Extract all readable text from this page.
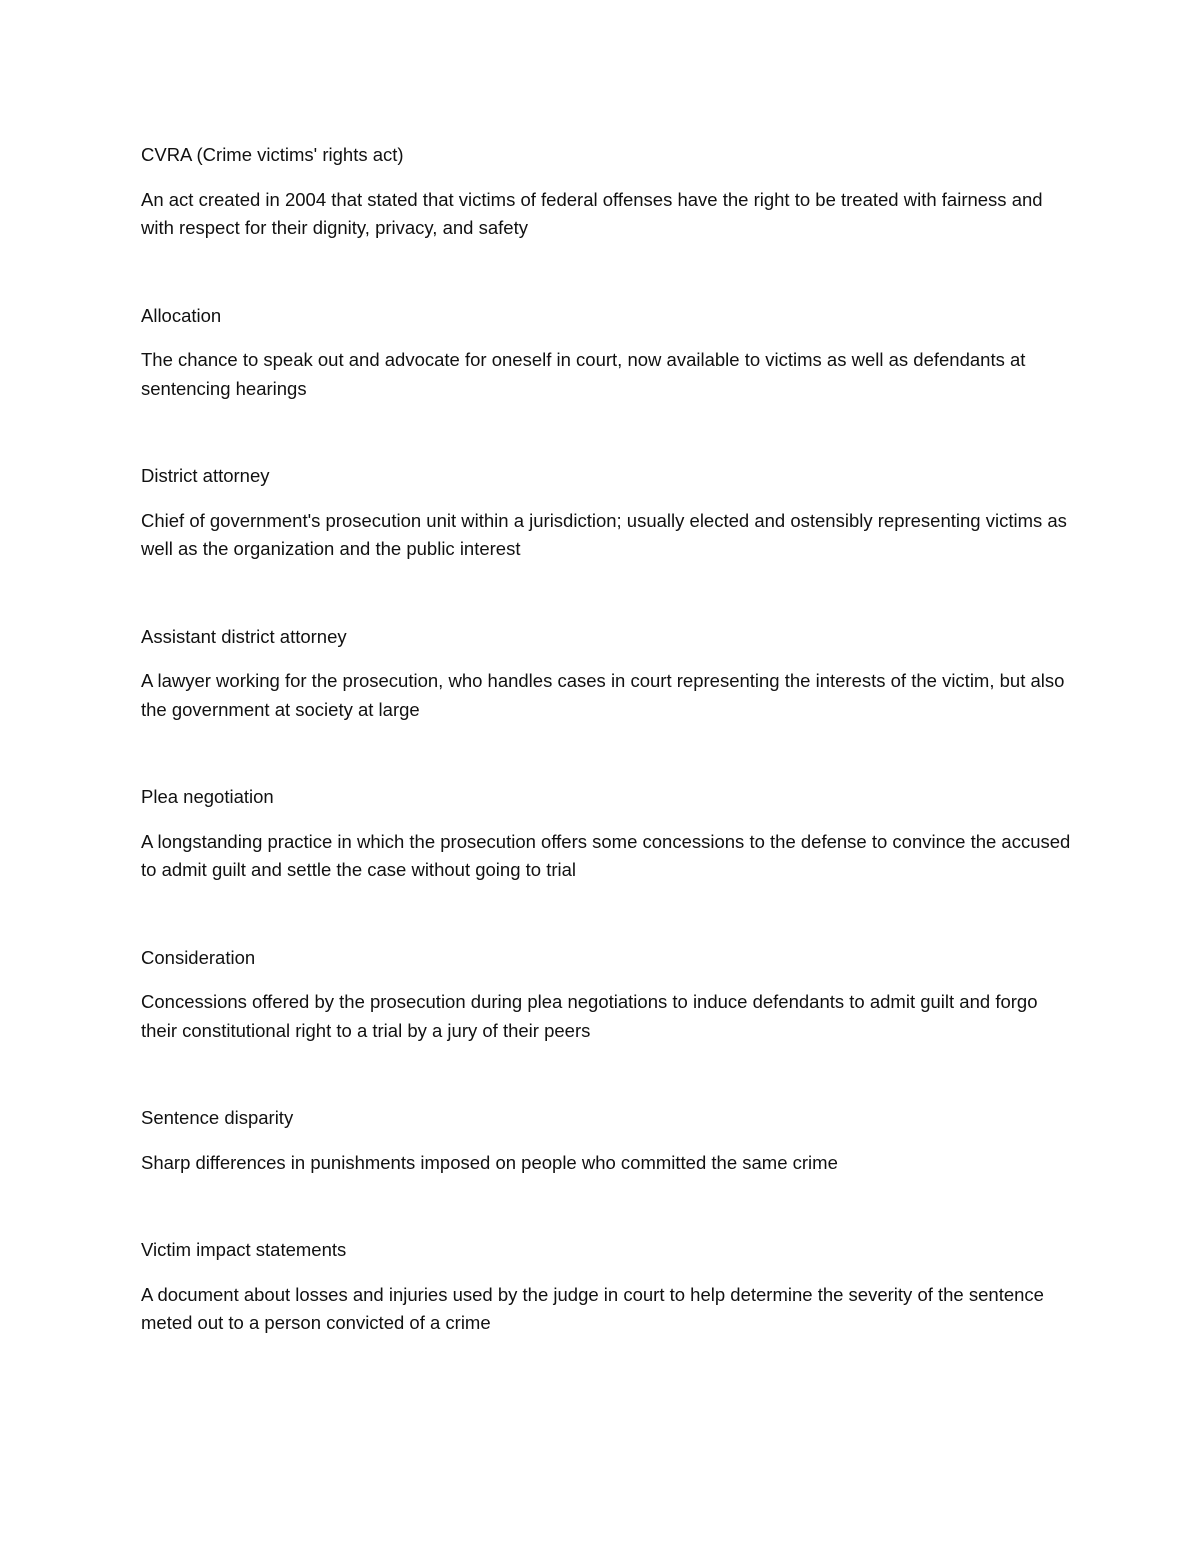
CVRA (Crime victims' rights act)

An act created in 2004 that stated that victims of federal offenses have the right to be treated with fairness and with respect for their dignity, privacy, and safety

Allocation

The chance to speak out and advocate for oneself in court, now available to victims as well as defendants at sentencing hearings

District attorney

Chief of government's prosecution unit within a jurisdiction; usually elected and ostensibly representing victims as well as the organization and the public interest

Assistant district attorney

A lawyer working for the prosecution, who handles cases in court representing the interests of the victim, but also the government at society at large

Plea negotiation

A longstanding practice in which the prosecution offers some concessions to the defense to convince the accused to admit guilt and settle the case without going to trial

Consideration

Concessions offered by the prosecution during plea negotiations to induce defendants to admit guilt and forgo their constitutional right to a trial by a jury of their peers

Sentence disparity

Sharp differences in punishments imposed on people who committed the same crime

Victim impact statements

A document about losses and injuries used by the judge in court to help determine the severity of the sentence meted out to a person convicted of a crime
